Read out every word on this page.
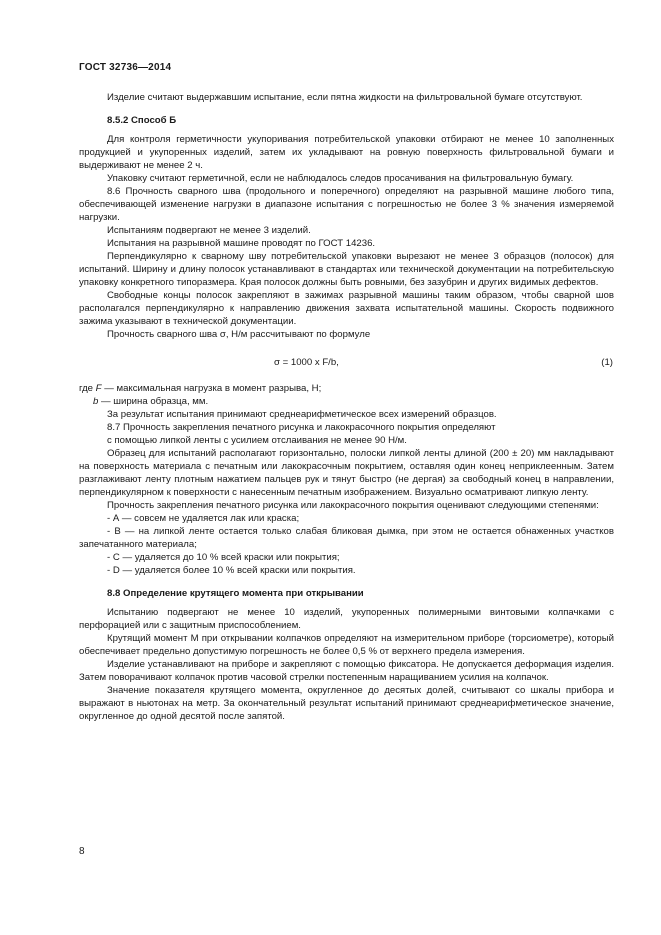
ГОСТ 32736—2014

Изделие считают выдержавшим испытание, если пятна жидкости на фильтровальной бумаге отсутствуют.

8.5.2 Способ Б

Для контроля герметичности укупоривания потребительской упаковки отбирают не менее 10 заполненных продукцией и укупоренных изделий, затем их укладывают на ровную поверхность фильтровальной бумаги и выдерживают не менее 2 ч.

Упаковку считают герметичной, если не наблюдалось следов просачивания на фильтровальную бумагу.

8.6 Прочность сварного шва (продольного и поперечного) определяют на разрывной машине любого типа, обеспечивающей изменение нагрузки в диапазоне испытания с погрешностью не более 3 % значения измеряемой нагрузки.

Испытаниям подвергают не менее 3 изделий.

Испытания на разрывной машине проводят по ГОСТ 14236.

Перпендикулярно к сварному шву потребительской упаковки вырезают не менее 3 образцов (полосок) для испытаний. Ширину и длину полосок устанавливают в стандартах или технической документации на потребительскую упаковку конкретного типоразмера. Края полосок должны быть ровными, без зазубрин и других видимых дефектов.

Свободные концы полосок закрепляют в зажимах разрывной машины таким образом, чтобы сварной шов располагался перпендикулярно к направлению движения захвата испытательной машины. Скорость подвижного зажима указывают в технической документации.

Прочность сварного шва σ, Н/м рассчитывают по формуле

σ = 1000 x F/b,	(1)

где F — максимальная нагрузка в момент разрыва, Н;

b — ширина образца, мм.

За результат испытания принимают среднеарифметическое всех измерений образцов.

8.7 Прочность закрепления печатного рисунка и лакокрасочного покрытия определяют

с помощью липкой ленты с усилием отслаивания не менее 90 Н/м.

Образец для испытаний располагают горизонтально, полоски липкой ленты длиной (200 ± 20) мм накладывают на поверхность материала с печатным или лакокрасочным покрытием, оставляя один конец неприклеенным. Затем разглаживают ленту плотным нажатием пальцев рук и тянут быстро (не дергая) за свободный конец в направлении, перпендикулярном к поверхности с нанесенным печатным изображением. Визуально осматривают липкую ленту.

Прочность закрепления печатного рисунка или лакокрасочного покрытия оценивают следующими степенями:

- А — совсем не удаляется лак или краска;

- В — на липкой ленте остается только слабая бликовая дымка, при этом не остается обнаженных участков запечатанного материала;

- С — удаляется до 10 % всей краски или покрытия;

- D — удаляется более 10 % всей краски или покрытия.

8.8 Определение крутящего момента при открывании

Испытанию подвергают не менее 10 изделий, укупоренных полимерными винтовыми колпачками с перфорацией или с защитным приспособлением.

Крутящий момент М при открывании колпачков определяют на измерительном приборе (торсиометре), который обеспечивает предельно допустимую погрешность не более 0,5 % от верхнего предела измерения.

Изделие устанавливают на приборе и закрепляют с помощью фиксатора. Не допускается деформация изделия. Затем поворачивают колпачок против часовой стрелки постепенным наращиванием усилия на колпачок.

Значение показателя крутящего момента, округленное до десятых долей, считывают со шкалы прибора и выражают в ньютонах на метр. За окончательный результат испытаний принимают среднеарифметическое значение, округленное до одной десятой после запятой.

8
